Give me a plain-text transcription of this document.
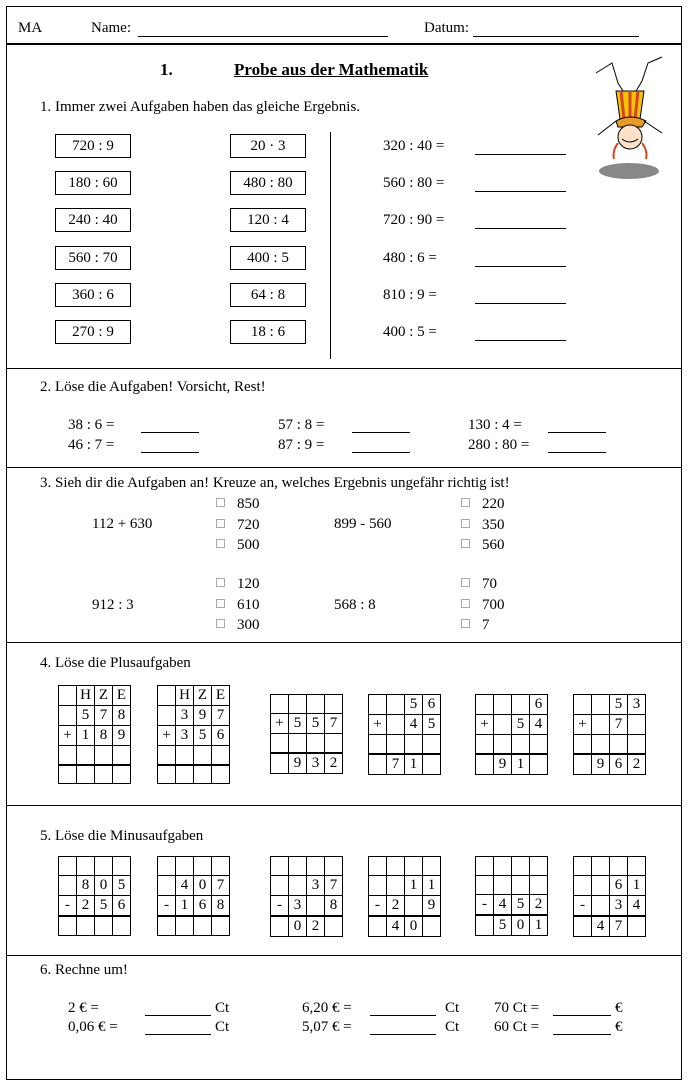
MA	Name:	Datum:
1.	Probe aus der Mathematik
1. Immer zwei Aufgaben haben das gleiche Ergebnis.
720 : 9	20 · 3	320 : 40 =
180 : 60	480 : 80	560 : 80 =
240 : 40	120 : 4	720 : 90 =
560 : 70	400 : 5	480 : 6 =
360 : 6	64 : 8	810 : 9 =
270 : 9	18 : 6	400 : 5 =
2. Löse die Aufgaben! Vorsicht, Rest!
38 : 6 =
46 : 7 =
57 : 8 =
87 : 9 =
130 : 4 =
280 : 80 =
3. Sieh dir die Aufgaben an! Kreuze an, welches Ergebnis ungefähr richtig ist!
112 + 630
850
720
500
899 - 560
220
350
560
912 : 3
120
610
300
568 : 8
70
700
7
4. Löse die Plusaufgaben
	H	Z	E
	5	7	8
+	1	8	9

	H	Z	E
	3	9	7
+	3	5	6

+	5	5	7

	9	3	2
		5	6
+		4	5

	7	1	
			6
+		5	4

	9	1	
		5	3
+		7	

	9	6	2
5. Löse die Minusaufgaben

	8	0	5
-	2	5	6

	4	0	7
-	1	6	8

		3	7
-	3		8
	0	2	

		1	1
-	2		9
	4	0	

-	4	5	2
	5	0	1

		6	1
-		3	4
	4	7	
6. Rechne um!
2 € =	Ct
0,06 € =	Ct
6,20 € =	Ct
5,07 € =	Ct
70 Ct =	€
60 Ct =	€
